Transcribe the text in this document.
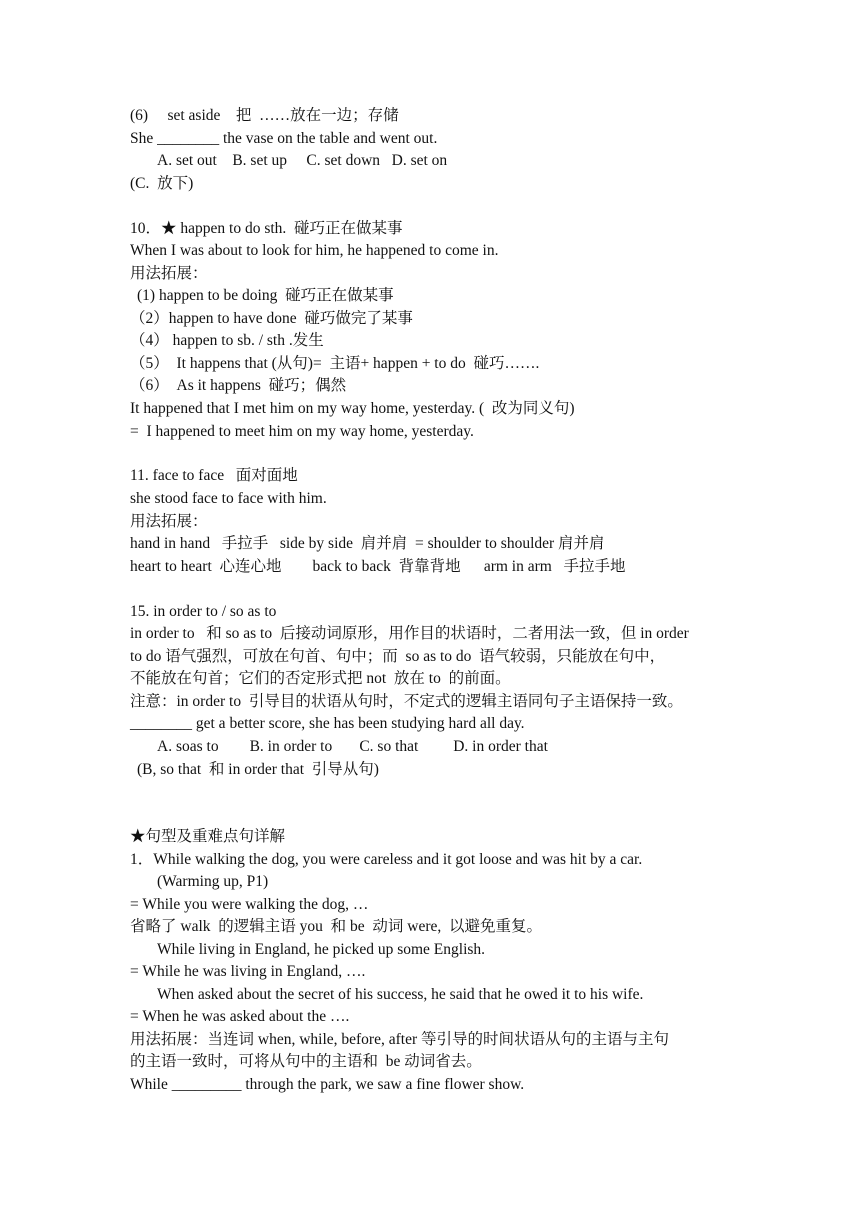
(6)     set aside    把  ……放在一边；存储
She ________ the vase on the table and went out.
A. set out    B. set up     C. set down   D. set on
(C.  放下)
10．★ happen to do sth.  碰巧正在做某事
When I was about to look for him, he happened to come in.
用法拓展：
(1) happen to be doing  碰巧正在做某事
（2）happen to have done  碰巧做完了某事
（4） happen to sb. / sth .发生
（5）  It happens that (从句)=  主语+ happen + to do  碰巧…….
（6）  As it happens  碰巧；偶然
It happened that I met him on my way home, yesterday. (  改为同义句)
=  I happened to meet him on my way home, yesterday.
11. face to face   面对面地
she stood face to face with him.
用法拓展：
hand in hand   手拉手   side by side  肩并肩  = shoulder to shoulder 肩并肩
heart to heart  心连心地        back to back  背靠背地      arm in arm   手拉手地
15. in order to / so as to
in order to   和 so as to  后接动词原形，用作目的状语时，二者用法一致，但 in order
to do 语气强烈，可放在句首、句中；而  so as to do  语气较弱，只能放在句中，
不能放在句首；它们的否定形式把 not  放在 to  的前面。
注意：in order to  引导目的状语从句时，不定式的逻辑主语同句子主语保持一致。
________ get a better score, she has been studying hard all day.
A. soas to        B. in order to       C. so that         D. in order that
(B, so that  和 in order that  引导从句)
★句型及重难点句详解
1．While walking the dog, you were careless and it got loose and was hit by a car.
(Warming up, P1)
= While you were walking the dog, …
省略了 walk  的逻辑主语 you  和 be  动词 were,  以避免重复。
While living in England, he picked up some English.
= While he was living in England, ….
When asked about the secret of his success, he said that he owed it to his wife.
= When he was asked about the ….
用法拓展：当连词 when, while, before, after 等引导的时间状语从句的主语与主句
的主语一致时，可将从句中的主语和  be 动词省去。
While _________ through the park, we saw a fine flower show.
